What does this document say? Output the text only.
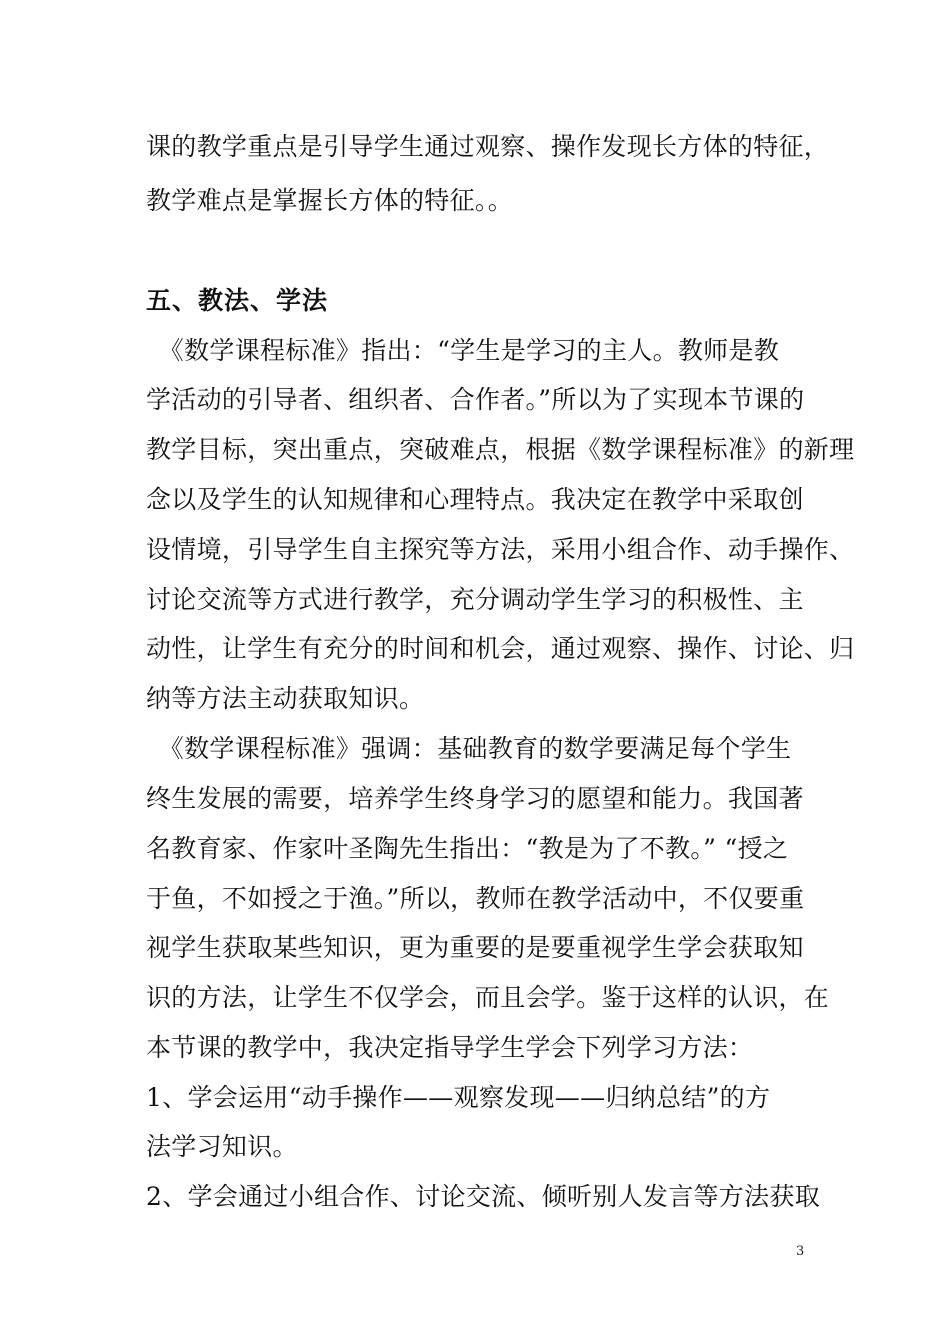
课的教学重点是引导学生通过观察、操作发现长方体的特征，
教学难点是掌握长方体的特征。。
五、教法、学法
　《数学课程标准》指出：“学生是学习的主人。教师是教
学活动的引导者、组织者、合作者。”所以为了实现本节课的
教学目标，突出重点，突破难点，根据《数学课程标准》的新理
念以及学生的认知规律和心理特点。我决定在教学中采取创
设情境，引导学生自主探究等方法，采用小组合作、动手操作、
讨论交流等方式进行教学，充分调动学生学习的积极性、主
动性，让学生有充分的时间和机会，通过观察、操作、讨论、归
纳等方法主动获取知识。
　《数学课程标准》强调：基础教育的数学要满足每个学生
终生发展的需要，培养学生终身学习的愿望和能力。我国著
名教育家、作家叶圣陶先生指出：“教是为了不教。” “授之
于鱼，不如授之于渔。”所以，教师在教学活动中，不仅要重
视学生获取某些知识，更为重要的是要重视学生学会获取知
识的方法，让学生不仅学会，而且会学。鉴于这样的认识，在
本节课的教学中，我决定指导学生学会下列学习方法：
1、学会运用“动手操作——观察发现——归纳总结”的方
法学习知识。
2、学会通过小组合作、讨论交流、倾听别人发言等方法获取
3
